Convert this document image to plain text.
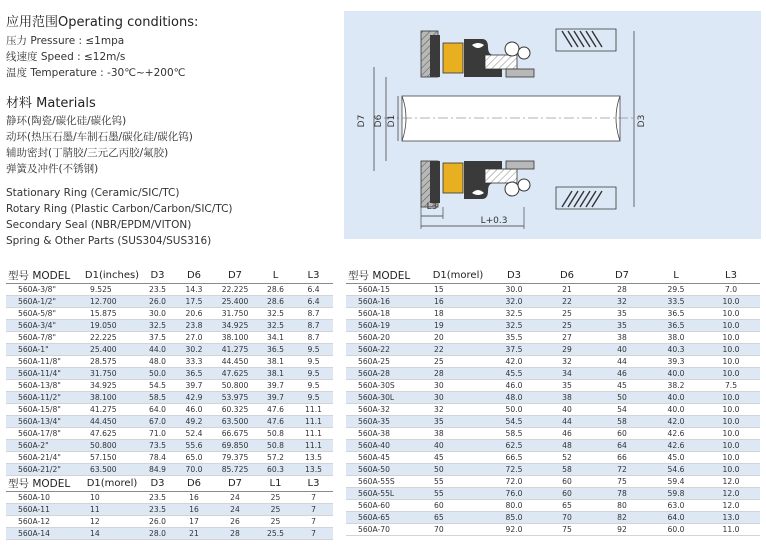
应用范围Operating conditions:
压力 Pressure : ≤1mpa
线速度 Speed : ≤12m/s
温度 Temperature : -30℃~+200℃
材料 Materials
静环(陶瓷/碳化硅/碳化钨)
动环(热压石墨/车制石墨/碳化硅/碳化钨)
辅助密封(丁腈胶/三元乙丙胶/氟胶)
弹簧及冲件(不锈钢)
Stationary Ring (Ceramic/SIC/TC)
Rotary Ring (Plastic Carbon/Carbon/SIC/TC)
Secondary Seal (NBR/EPDM/VITON)
Spring & Other Parts (SUS304/SUS316)
D7 D6 D1	D3
L3
L+0.3
型号 MODEL	D1(inches)	D3	D6	D7	L	L3
560A-3/8"	9.525	23.5	14.3	22.225	28.6	6.4
560A-1/2"	12.700	26.0	17.5	25.400	28.6	6.4
560A-5/8"	15.875	30.0	20.6	31.750	32.5	8.7
560A-3/4"	19.050	32.5	23.8	34.925	32.5	8.7
560A-7/8"	22.225	37.5	27.0	38.100	34.1	8.7
560A-1"	25.400	44.0	30.2	41.275	36.5	9.5
560A-11/8"	28.575	48.0	33.3	44.450	38.1	9.5
560A-11/4"	31.750	50.0	36.5	47.625	38.1	9.5
560A-13/8"	34.925	54.5	39.7	50.800	39.7	9.5
560A-11/2"	38.100	58.5	42.9	53.975	39.7	9.5
560A-15/8"	41.275	64.0	46.0	60.325	47.6	11.1
560A-13/4"	44.450	67.0	49.2	63.500	47.6	11.1
560A-17/8"	47.625	71.0	52.4	66.675	50.8	11.1
560A-2"	50.800	73.5	55.6	69.850	50.8	11.1
560A-21/4"	57.150	78.4	65.0	79.375	57.2	13.5
560A-21/2"	63.500	84.9	70.0	85.725	60.3	13.5
型号 MODEL	D1(morel)	D3	D6	D7	L1	L3
560A-10	10	23.5	16	24	25	7
560A-11	11	23.5	16	24	25	7
560A-12	12	26.0	17	26	25	7
560A-14	14	28.0	21	28	25.5	7
型号 MODEL	D1(morel)	D3	D6	D7	L	L3
560A-15	15	30.0	21	28	29.5	7.0
560A-16	16	32.0	22	32	33.5	10.0
560A-18	18	32.5	25	35	36.5	10.0
560A-19	19	32.5	25	35	36.5	10.0
560A-20	20	35.5	27	38	38.0	10.0
560A-22	22	37.5	29	40	40.3	10.0
560A-25	25	42.0	32	44	39.3	10.0
560A-28	28	45.5	34	46	40.0	10.0
560A-30S	30	46.0	35	45	38.2	7.5
560A-30L	30	48.0	38	50	40.0	10.0
560A-32	32	50.0	40	54	40.0	10.0
560A-35	35	54.5	44	58	42.0	10.0
560A-38	38	58.5	46	60	42.6	10.0
560A-40	40	62.5	48	64	42.6	10.0
560A-45	45	66.5	52	66	45.0	10.0
560A-50	50	72.5	58	72	54.6	10.0
560A-55S	55	72.0	60	75	59.4	12.0
560A-55L	55	76.0	60	78	59.8	12.0
560A-60	60	80.0	65	80	63.0	12.0
560A-65	65	85.0	70	82	64.0	13.0
560A-70	70	92.0	75	92	60.0	11.0
